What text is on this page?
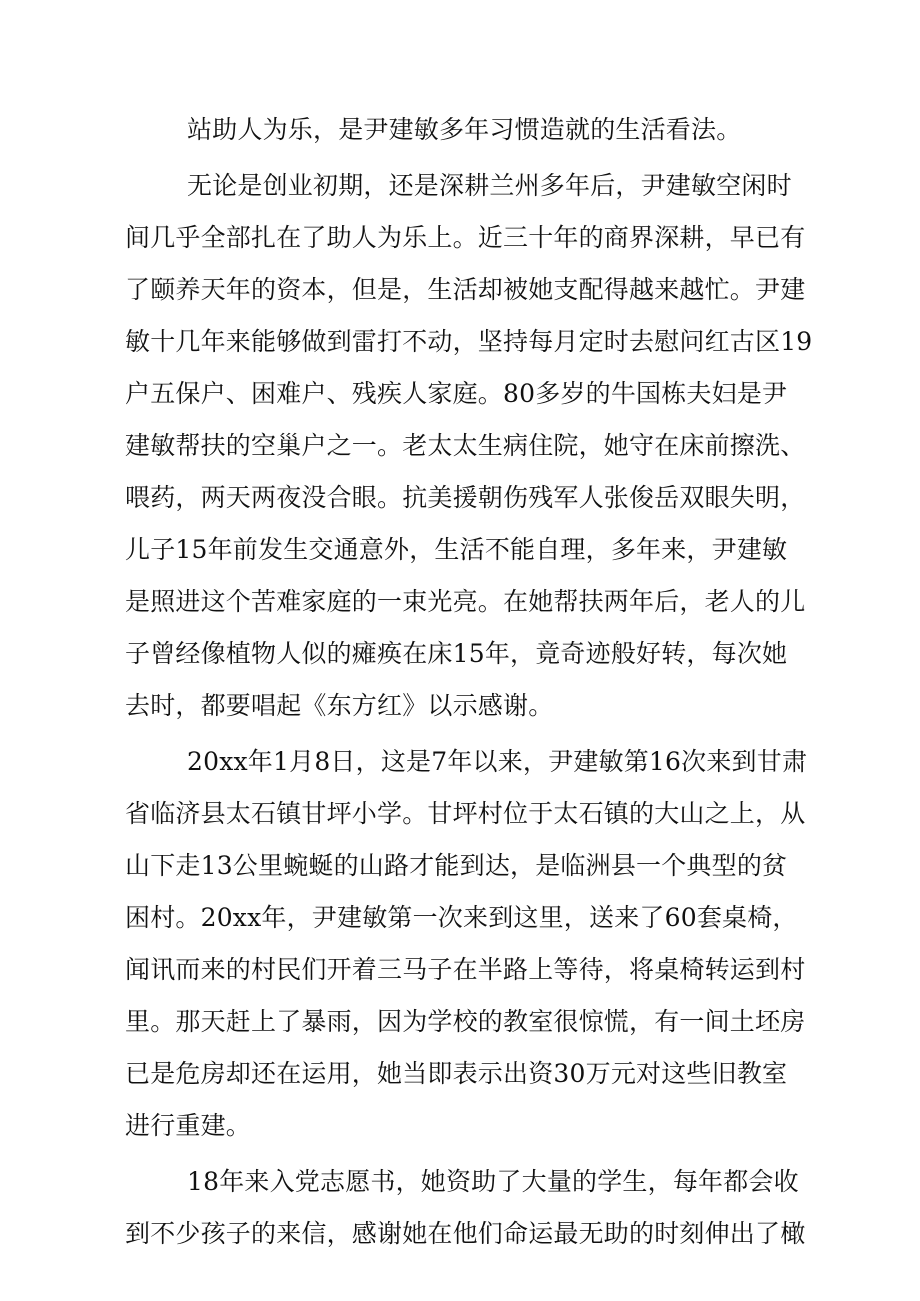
站助人为乐，是尹建敏多年习惯造就的生活看法。
无论是创业初期，还是深耕兰州多年后，尹建敏空闲时
间几乎全部扎在了助人为乐上。近三十年的商界深耕，早已有
了颐养天年的资本，但是，生活却被她支配得越来越忙。尹建
敏十几年来能够做到雷打不动，坚持每月定时去慰问红古区19
户五保户、困难户、残疾人家庭。80多岁的牛国栋夫妇是尹
建敏帮扶的空巢户之一。老太太生病住院，她守在床前擦洗、
喂药，两天两夜没合眼。抗美援朝伤残军人张俊岳双眼失明，
儿子15年前发生交通意外，生活不能自理，多年来，尹建敏
是照进这个苦难家庭的一束光亮。在她帮扶两年后，老人的儿
子曾经像植物人似的瘫痪在床15年，竟奇迹般好转，每次她
去时，都要唱起《东方红》以示感谢。
20xx年1月8日，这是7年以来，尹建敏第16次来到甘肃
省临济县太石镇甘坪小学。甘坪村位于太石镇的大山之上，从
山下走13公里蜿蜒的山路才能到达，是临洲县一个典型的贫
困村。20xx年，尹建敏第一次来到这里，送来了60套桌椅，
闻讯而来的村民们开着三马子在半路上等待，将桌椅转运到村
里。那天赶上了暴雨，因为学校的教室很惊慌，有一间土坯房
已是危房却还在运用，她当即表示出资30万元对这些旧教室
进行重建。
18年来入党志愿书，她资助了大量的学生，每年都会收
到不少孩子的来信，感谢她在他们命运最无助的时刻伸出了橄
